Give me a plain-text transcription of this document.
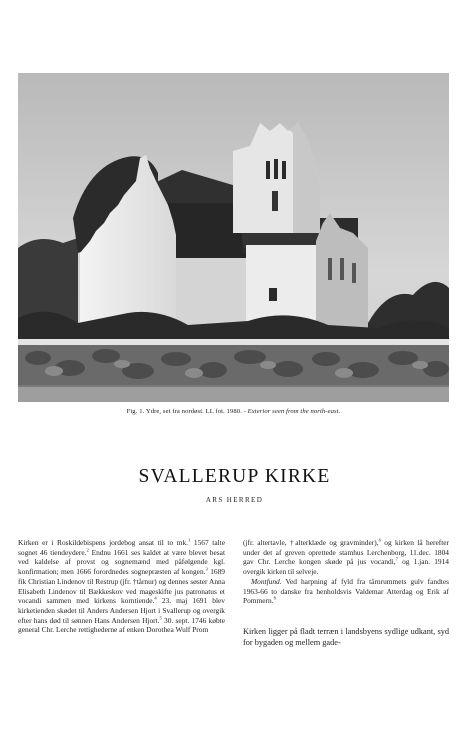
Fig. 1. Ydre, set fra nordøst. LL fot. 1980. - Exterior seen from the north-east.
SVALLERUP KIRKE
ARS HERRED

Kirken er i Roskildebispens jordebog ansat til to mk.$^1$ 1567 talte sognet 46 tiendeydere.$^2$ Endnu 1661 ses kaldet at være blevet besat ved kaldelse af provst og sognemænd med påfølgende kgl. konfirmation; men 1666 forordnedes sognepræsten af kongen.$^3$ 1689 fik Christian Lindenov til Restrup (jfr. †tårnur) og dennes søster Anna Elisabeth Lindenov til Bækkeskov ved mageskifte jus patronatus et vocandi sammen med kirkens korntiende.$^4$ 23. maj 1691 blev kirketienden skødet til Anders Andersen Hjort i Svallerup og overgik efter hans død til sønnen Hans Andersen Hjort.$^5$ 30. sept. 1746 købte general Chr. Lerche rettighederne af enken Dorothea Wulf Prom

(jfr. altertavle, †alterklæde og gravminder),$^6$ og kirken lå herefter under det af greven oprettede stamhus Lerchenborg, 11.dec. 1804 gav Chr. Lerche kongen skøde på jus vocandi,$^7$ og 1.jan. 1914 overgik kirken til selveje.

Montfund. Ved harpning af fyld fra tårnrummets gulv fandtes 1963-66 to danske fra henholdsvis Valdemar Atterdag og Erik af Pommern.$^8$

Kirken ligger på fladt terræn i landsbyens sydlige udkant, syd for bygaden og mellem gade-
